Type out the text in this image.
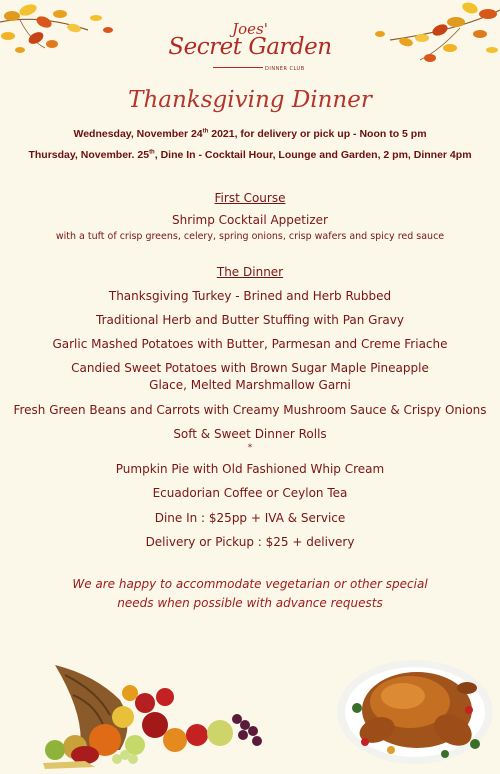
Joes'
Secret Garden
DINNER CLUB
Thanksgiving Dinner
Wednesday, November 24th 2021, for delivery or pick up - Noon to 5 pm
Thursday, November. 25th, Dine In - Cocktail Hour, Lounge and Garden, 2 pm, Dinner 4pm
First Course
Shrimp Cocktail Appetizer
with a tuft of crisp greens, celery, spring onions, crisp wafers and spicy red sauce
The Dinner
Thanksgiving Turkey - Brined and Herb Rubbed
Traditional Herb and Butter Stuffing with Pan Gravy
Garlic Mashed Potatoes with Butter, Parmesan and Creme Friache
Candied Sweet Potatoes with Brown Sugar Maple Pineapple
Glace, Melted Marshmallow Garni
Fresh Green Beans and Carrots with Creamy Mushroom Sauce & Crispy Onions
Soft & Sweet Dinner Rolls
*
Pumpkin Pie with Old Fashioned Whip Cream
Ecuadorian Coffee or Ceylon Tea
Dine In : $25pp + IVA & Service
Delivery or Pickup : $25 + delivery
We are happy to accommodate vegetarian or other special
needs when possible with advance requests
